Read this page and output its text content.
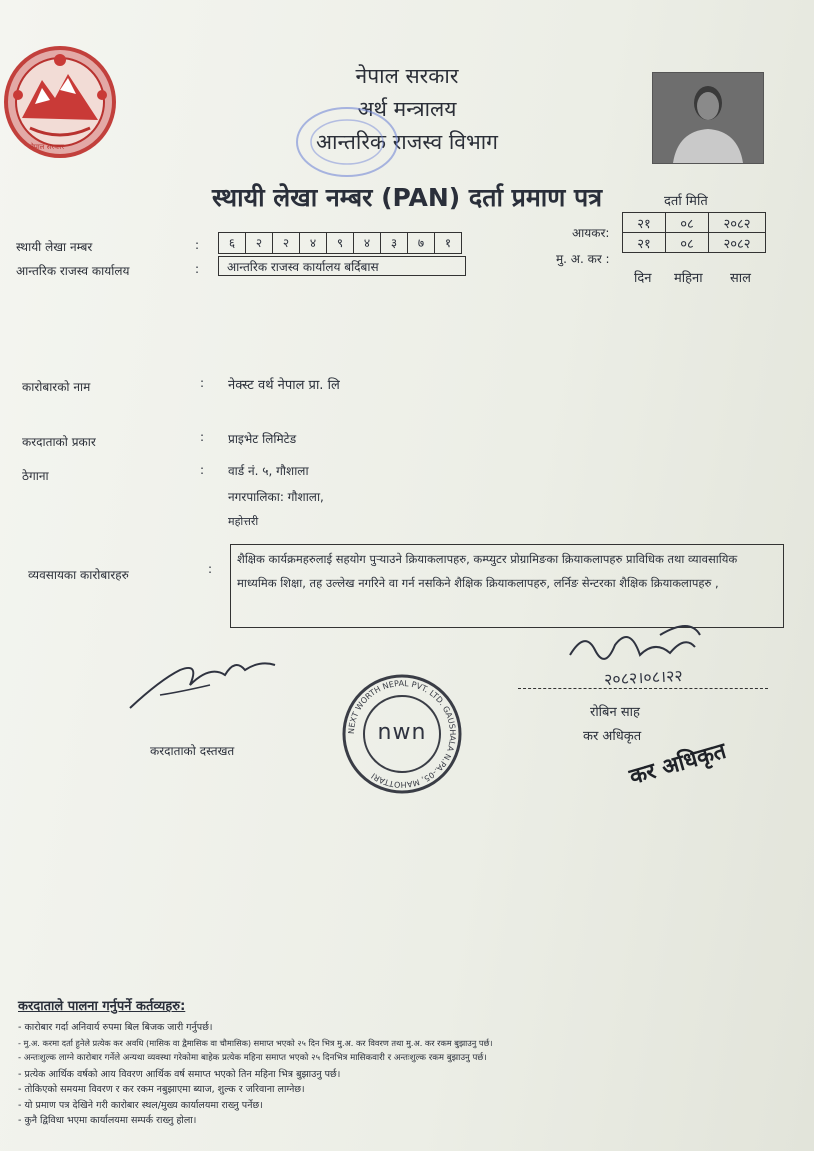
नेपाल सरकार
नेपाल सरकार
अर्थ मन्त्रालय
आन्तरिक राजस्व विभाग
स्थायी लेखा नम्बर (PAN) दर्ता प्रमाण पत्र
स्थायी लेखा नम्बर	:	६	२	२	४	९	४	३	७	१
आन्तरिक राजस्व कार्यालय	:	आन्तरिक राजस्व कार्यालय बर्दिबास
दर्ता मिति
आयकर:
मु. अ. कर :
२१	०८	२०८२
२१	०८	२०८२
दिन महिना साल
कारोबारको नाम	: नेक्स्ट वर्थ नेपाल प्रा. लि
करदाताको प्रकार	: प्राइभेट लिमिटेड
ठेगाना	: वार्ड नं. ५, गौशाला
नगरपालिका: गौशाला,
महोत्तरी
व्यवसायका कारोबारहरु	:
शैक्षिक कार्यक्रमहरुलाई सहयोग पुर्‍याउने क्रियाकलापहरु, कम्प्युटर प्रोग्रामिङका क्रियाकलापहरु प्राविधिक तथा व्यावसायिक माध्यमिक शिक्षा, तह उल्लेख नगरिने वा गर्न नसकिने शैक्षिक क्रियाकलापहरु, लर्निङ सेन्टरका शैक्षिक क्रियाकलापहरु ,
२०८२।०८।२२
रोबिन साह
कर अधिकृत
कर अधिकृत
करदाताको दस्तखत
NEXT WORTH NEPAL PVT. LTD. GAUSHALA N.PA.-05, MAHOTTARI
nwn
करदाताले पालना गर्नुपर्ने कर्तव्यहरु:
- कारोबार गर्दा अनिवार्य रुपमा बिल बिजक जारी गर्नुपर्छ।
- मु.अ. करमा दर्ता हुनेले प्रत्येक कर अवधि (मासिक वा द्वैमासिक वा चौमासिक) समाप्त भएको २५ दिन भित्र मु.अ. कर विवरण तथा मु.अ. कर रकम बुझाउनु पर्छ।
- अन्तःशुल्क लाग्ने कारोबार गर्नेले अन्यथा व्यवस्था गरेकोमा बाहेक प्रत्येक महिना समाप्त भएको २५ दिनभित्र मासिकवारी र अन्तःशुल्क रकम बुझाउनु पर्छ।
- प्रत्येक आर्थिक वर्षको आय विवरण आर्थिक वर्ष समाप्त भएको तिन महिना भित्र बुझाउनु पर्छ।
- तोकिएको समयमा विवरण र कर रकम नबुझाएमा ब्याज, शुल्क र जरिवाना लाग्नेछ।
- यो प्रमाण पत्र देखिने गरी कारोबार स्थल/मुख्य कार्यालयमा राख्नु पर्नेछ।
- कुनै द्विविधा भएमा कार्यालयमा सम्पर्क राख्नु होला।
